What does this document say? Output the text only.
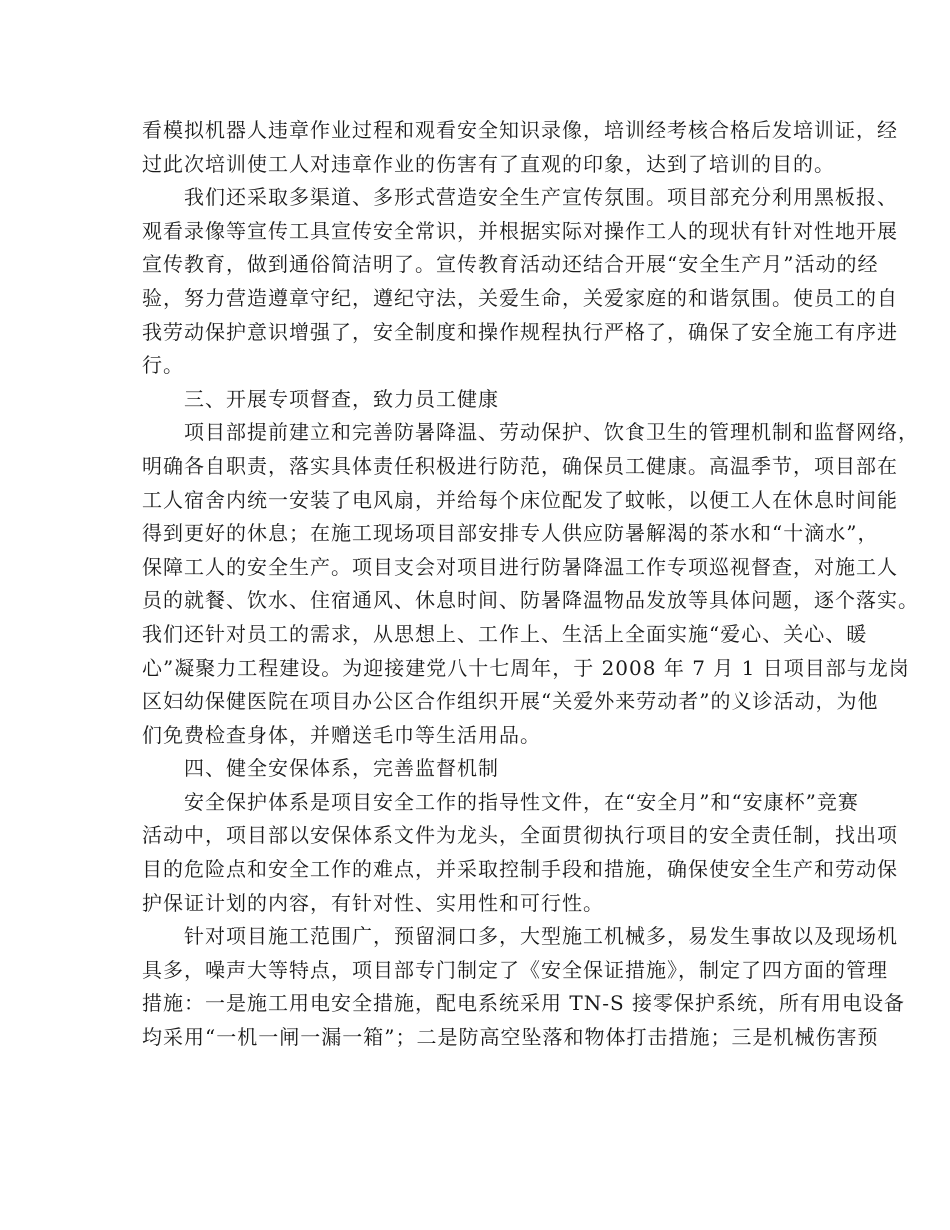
看模拟机器人违章作业过程和观看安全知识录像，培训经考核合格后发培训证，经
过此次培训使工人对违章作业的伤害有了直观的印象，达到了培训的目的。
我们还采取多渠道、多形式营造安全生产宣传氛围。项目部充分利用黑板报、
观看录像等宣传工具宣传安全常识，并根据实际对操作工人的现状有针对性地开展
宣传教育，做到通俗简洁明了。宣传教育活动还结合开展“安全生产月”活动的经
验，努力营造遵章守纪，遵纪守法，关爱生命，关爱家庭的和谐氛围。使员工的自
我劳动保护意识增强了，安全制度和操作规程执行严格了，确保了安全施工有序进
行。
三、开展专项督查，致力员工健康
项目部提前建立和完善防暑降温、劳动保护、饮食卫生的管理机制和监督网络，
明确各自职责，落实具体责任积极进行防范，确保员工健康。高温季节，项目部在
工人宿舍内统一安装了电风扇，并给每个床位配发了蚊帐，以便工人在休息时间能
得到更好的休息；在施工现场项目部安排专人供应防暑解渴的茶水和“十滴水”，
保障工人的安全生产。项目支会对项目进行防暑降温工作专项巡视督查，对施工人
员的就餐、饮水、住宿通风、休息时间、防暑降温物品发放等具体问题，逐个落实。
我们还针对员工的需求，从思想上、工作上、生活上全面实施“爱心、关心、暖
心”凝聚力工程建设。为迎接建党八十七周年，于 2008 年 7 月 1 日项目部与龙岗
区妇幼保健医院在项目办公区合作组织开展“关爱外来劳动者”的义诊活动，为他
们免费检查身体，并赠送毛巾等生活用品。
四、健全安保体系，完善监督机制
安全保护体系是项目安全工作的指导性文件，在“安全月”和“安康杯”竞赛
活动中，项目部以安保体系文件为龙头，全面贯彻执行项目的安全责任制，找出项
目的危险点和安全工作的难点，并采取控制手段和措施，确保使安全生产和劳动保
护保证计划的内容，有针对性、实用性和可行性。
针对项目施工范围广，预留洞口多，大型施工机械多，易发生事故以及现场机
具多，噪声大等特点，项目部专门制定了《安全保证措施》，制定了四方面的管理
措施：一是施工用电安全措施，配电系统采用 TN-S 接零保护系统，所有用电设备
均采用“一机一闸一漏一箱”；二是防高空坠落和物体打击措施；三是机械伤害预
